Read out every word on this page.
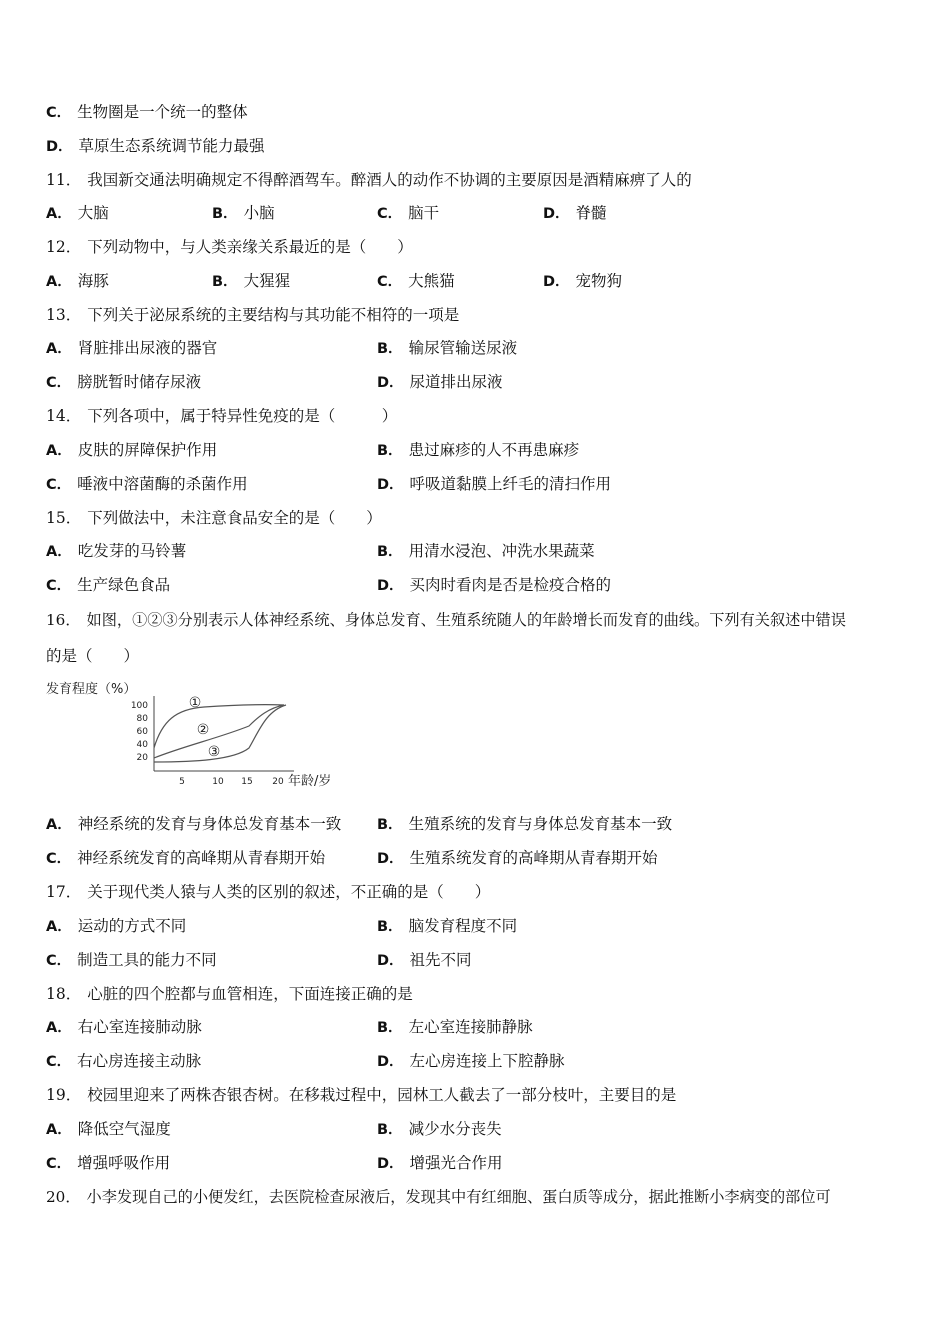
C． 生物圈是一个统一的整体
D． 草原生态系统调节能力最强
11． 我国新交通法明确规定不得醉酒驾车。醉酒人的动作不协调的主要原因是酒精麻痹了人的
A． 大脑	B． 小脑	C． 脑干	D． 脊髓
12． 下列动物中，与人类亲缘关系最近的是（　　）
A． 海豚	B． 大猩猩	C． 大熊猫	D． 宠物狗
13． 下列关于泌尿系统的主要结构与其功能不相符的一项是
A． 肾脏排出尿液的器官	B． 输尿管输送尿液
C． 膀胱暂时储存尿液	D． 尿道排出尿液
14． 下列各项中，属于特异性免疫的是（　　　）
A． 皮肤的屏障保护作用	B． 患过麻疹的人不再患麻疹
C． 唾液中溶菌酶的杀菌作用	D． 呼吸道黏膜上纤毛的清扫作用
15． 下列做法中，未注意食品安全的是（　　）
A． 吃发芽的马铃薯	B． 用清水浸泡、冲洗水果蔬菜
C． 生产绿色食品	D． 买肉时看肉是否是检疫合格的
16． 如图，①②③分别表示人体神经系统、身体总发育、生殖系统随人的年龄增长而发育的曲线。下列有关叙述中错误
的是（　　）
发育程度（%）
100
80
60
40
20
5	10 15 20 年龄/岁
①
②
③
A． 神经系统的发育与身体总发育基本一致 B． 生殖系统的发育与身体总发育基本一致
C． 神经系统发育的高峰期从青春期开始	D． 生殖系统发育的高峰期从青春期开始
17． 关于现代类人猿与人类的区别的叙述，不正确的是（　　）
A． 运动的方式不同	B． 脑发育程度不同
C． 制造工具的能力不同	D． 祖先不同
18． 心脏的四个腔都与血管相连，下面连接正确的是
A． 右心室连接肺动脉	B． 左心室连接肺静脉
C． 右心房连接主动脉	D． 左心房连接上下腔静脉
19． 校园里迎来了两株杏银杏树。在移栽过程中，园林工人截去了一部分枝叶，主要目的是
A． 降低空气湿度	B． 减少水分丧失
C． 增强呼吸作用	D． 增强光合作用
20． 小李发现自己的小便发红，去医院检查尿液后，发现其中有红细胞、蛋白质等成分，据此推断小李病变的部位可
